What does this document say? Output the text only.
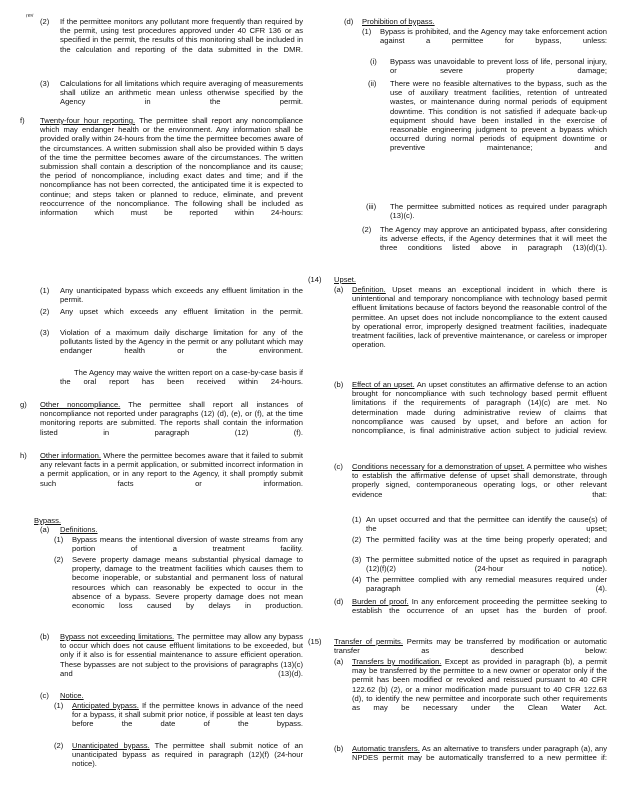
rev
(2) If the permittee monitors any pollutant more frequently than required by the permit, using test procedures approved under 40 CFR 136 or as specified in the permit, the results of this monitoring shall be included in the calculation and reporting of the data submitted in the DMR.
(3) Calculations for all limitations which require averaging of measurements shall utilize an arithmetic mean unless otherwise specified by the Agency in the permit.
f) Twenty-four hour reporting. The permittee shall report any noncompliance which may endanger health or the environment. Any information shall be provided orally within 24-hours from the time the permittee becomes aware of the circumstances. A written submission shall also be provided within 5 days of the time the permittee becomes aware of the circumstances. The written submission shall contain a description of the noncompliance and its cause; the period of noncompliance, including exact dates and time; and if the noncompliance has not been corrected, the anticipated time it is expected to continue; and steps taken or planned to reduce, eliminate, and prevent reoccurrence of the noncompliance. The following shall be included as information which must be reported within 24-hours:
(1) Any unanticipated bypass which exceeds any effluent limitation in the permit.
(2) Any upset which exceeds any effluent limitation in the permit.
(3) Violation of a maximum daily discharge limitation for any of the pollutants listed by the Agency in the permit or any pollutant which may endanger health or the environment.
The Agency may waive the written report on a case-by-case basis if the oral report has been received within 24-hours.
g) Other noncompliance. The permittee shall report all instances of noncompliance not reported under paragraphs (12) (d), (e), or (f), at the time monitoring reports are submitted. The reports shall contain the information listed in paragraph (12) (f).
h) Other information. Where the permittee becomes aware that it failed to submit any relevant facts in a permit application, or submitted incorrect information in a permit application, or in any report to the Agency, it shall promptly submit such facts or information.
Bypass.
(a) Definitions.
(1) Bypass means the intentional diversion of waste streams from any portion of a treatment facility.
(2) Severe property damage means substantial physical damage to property, damage to the treatment facilities which causes them to become inoperable, or substantial and permanent loss of natural resources which can reasonably be expected to occur in the absence of a bypass. Severe property damage does not mean economic loss caused by delays in production.
(b) Bypass not exceeding limitations. The permittee may allow any bypass to occur which does not cause effluent limitations to be exceeded, but only if it also is for essential maintenance to assure efficient operation. These bypasses are not subject to the provisions of paragraphs (13)(c) and (13)(d).
(c) Notice.
(1) Anticipated bypass. If the permittee knows in advance of the need for a bypass, it shall submit prior notice, if possible at least ten days before the date of the bypass.
(2) Unanticipated bypass. The permittee shall submit notice of an unanticipated bypass as required in paragraph (12)(f) (24-hour notice).
(d) Prohibition of bypass.
(1) Bypass is prohibited, and the Agency may take enforcement action against a permittee for bypass, unless:
(i) Bypass was unavoidable to prevent loss of life, personal injury, or severe property damage;
(ii) There were no feasible alternatives to the bypass, such as the use of auxiliary treatment facilities, retention of untreated wastes, or maintenance during normal periods of equipment downtime. This condition is not satisfied if adequate back-up equipment should have been installed in the exercise of reasonable engineering judgment to prevent a bypass which occurred during normal periods of equipment downtime or preventive maintenance; and
(iii) The permittee submitted notices as required under paragraph (13)(c).
(2) The Agency may approve an anticipated bypass, after considering its adverse effects, if the Agency determines that it will meet the three conditions listed above in paragraph (13)(d)(1).
(14) Upset.
(a) Definition. Upset means an exceptional incident in which there is unintentional and temporary noncompliance with technology based permit effluent limitations because of factors beyond the reasonable control of the permittee. An upset does not include noncompliance to the extent caused by operational error, improperly designed treatment facilities, inadequate treatment facilities, lack of preventive maintenance, or careless or improper operation.
(b) Effect of an upset. An upset constitutes an affirmative defense to an action brought for noncompliance with such technology based permit effluent limitations if the requirements of paragraph (14)(c) are met. No determination made during administrative review of claims that noncompliance was caused by upset, and before an action for noncompliance, is final administrative action subject to judicial review.
(c) Conditions necessary for a demonstration of upset. A permittee who wishes to establish the affirmative defense of upset shall demonstrate, through properly signed, contemporaneous operating logs, or other relevant evidence that:
(1) An upset occurred and that the permittee can identify the cause(s) of the upset;
(2) The permitted facility was at the time being properly operated; and
(3) The permittee submitted notice of the upset as required in paragraph (12)(f)(2) (24-hour notice).
(4) The permittee complied with any remedial measures required under paragraph (4).
(d) Burden of proof. In any enforcement proceeding the permittee seeking to establish the occurrence of an upset has the burden of proof.
(15) Transfer of permits. Permits may be transferred by modification or automatic transfer as described below:
(a) Transfers by modification. Except as provided in paragraph (b), a permit may be transferred by the permittee to a new owner or operator only if the permit has been modified or revoked and reissued pursuant to 40 CFR 122.62 (b) (2), or a minor modification made pursuant to 40 CFR 122.63 (d), to identify the new permittee and incorporate such other requirements as may be necessary under the Clean Water Act.
(b) Automatic transfers. As an alternative to transfers under paragraph (a), any NPDES permit may be automatically transferred to a new permittee if:
